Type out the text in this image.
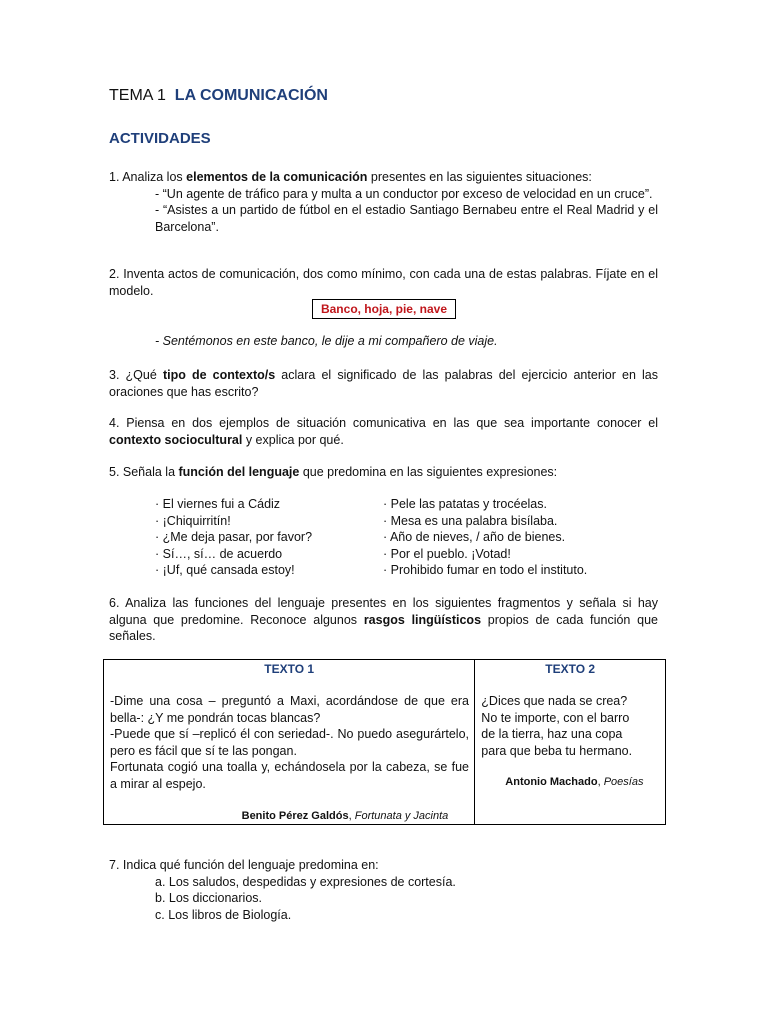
TEMA 1 LA COMUNICACIÓN
ACTIVIDADES
1. Analiza los elementos de la comunicación presentes en las siguientes situaciones:
- “Un agente de tráfico para y multa a un conductor por exceso de velocidad en un cruce”.
- “Asistes a un partido de fútbol en el estadio Santiago Bernabeu entre el Real Madrid y el Barcelona”.
2. Inventa actos de comunicación, dos como mínimo, con cada una de estas palabras. Fíjate en el modelo.
Banco, hoja, pie, nave
- Sentémonos en este banco, le dije a mi compañero de viaje.
3. ¿Qué tipo de contexto/s aclara el significado de las palabras del ejercicio anterior en las oraciones que has escrito?
4. Piensa en dos ejemplos de situación comunicativa en las que sea importante conocer el contexto sociocultural y explica por qué.
5. Señala la función del lenguaje que predomina en las siguientes expresiones:
· El viernes fui a Cádiz
· ¡Chiquirritín!
· ¿Me deja pasar, por favor?
· Sí…, sí… de acuerdo
· ¡Uf, qué cansada estoy!
· Pele las patatas y trocéelas.
· Mesa es una palabra bisílaba.
· Año de nieves, / año de bienes.
· Por el pueblo. ¡Votad!
· Prohibido fumar en todo el instituto.
6. Analiza las funciones del lenguaje presentes en los siguientes fragmentos y señala si hay alguna que predomine. Reconoce algunos rasgos lingüísticos propios de cada función que señales.
TEXTO 1
-Dime una cosa – preguntó a Maxi, acordándose de que era bella-: ¿Y me pondrán tocas blancas?
-Puede que sí –replicó él con seriedad-. No puedo asegurártelo, pero es fácil que sí te las pongan.
Fortunata cogió una toalla y, echándosela por la cabeza, se fue a mirar al espejo.
Benito Pérez Galdós, Fortunata y Jacinta

TEXTO 2
¿Dices que nada se crea?
No te importe, con el barro
de la tierra, haz una copa
para que beba tu hermano.
Antonio Machado, Poesías
7. Indica qué función del lenguaje predomina en:
a. Los saludos, despedidas y expresiones de cortesía.
b. Los diccionarios.
c. Los libros de Biología.
